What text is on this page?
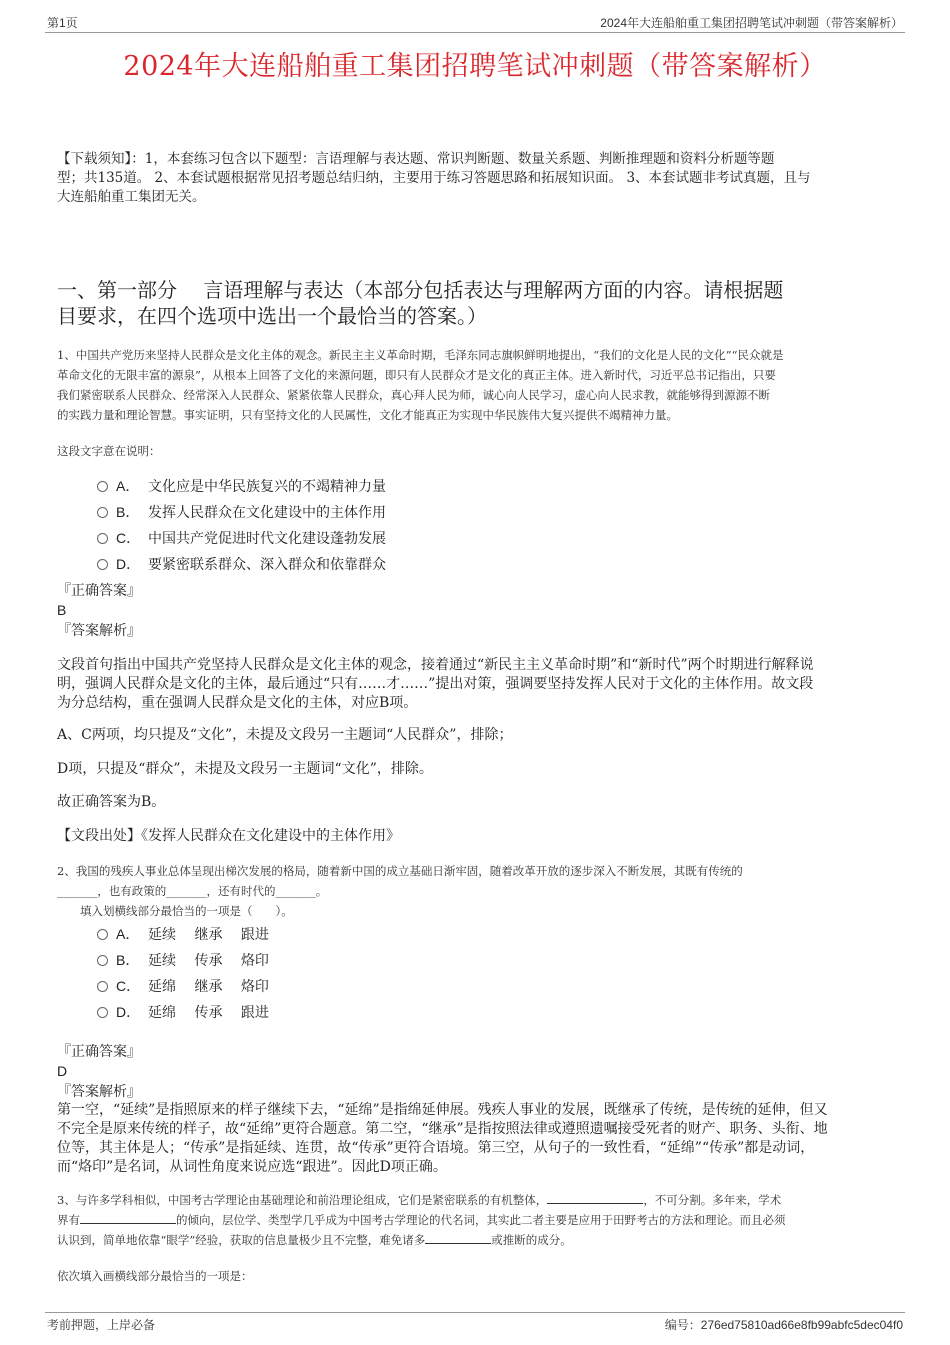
第1页	2024年大连船舶重工集团招聘笔试冲刺题（带答案解析）
2024年大连船舶重工集团招聘笔试冲刺题（带答案解析）
【下载须知】：1，本套练习包含以下题型：言语理解与表达题、常识判断题、数量关系题、判断推理题和资料分析题等题
型；共135道。 2、本套试题根据常见招考题总结归纳，主要用于练习答题思路和拓展知识面。 3、本套试题非考试真题，且与
大连船舶重工集团无关。
一、第一部分　 言语理解与表达（本部分包括表达与理解两方面的内容。请根据题
目要求，在四个选项中选出一个最恰当的答案。）
1、中国共产党历来坚持人民群众是文化主体的观念。新民主主义革命时期，毛泽东同志旗帜鲜明地提出，“我们的文化是人民的文化”“民众就是
革命文化的无限丰富的源泉”，从根本上回答了文化的来源问题，即只有人民群众才是文化的真正主体。进入新时代，习近平总书记指出，只要
我们紧密联系人民群众、经常深入人民群众、紧紧依靠人民群众，真心拜人民为师，诚心向人民学习，虚心向人民求教，就能够得到源源不断
的实践力量和理论智慧。事实证明，只有坚持文化的人民属性，文化才能真正为实现中华民族伟大复兴提供不竭精神力量。
这段文字意在说明：
A． 文化应是中华民族复兴的不竭精神力量
B． 发挥人民群众在文化建设中的主体作用
C． 中国共产党促进时代文化建设蓬勃发展
D． 要紧密联系群众、深入群众和依靠群众
『正确答案』
B
『答案解析』
文段首句指出中国共产党坚持人民群众是文化主体的观念，接着通过“新民主主义革命时期”和“新时代”两个时期进行解释说
明，强调人民群众是文化的主体，最后通过“只有……才……”提出对策，强调要坚持发挥人民对于文化的主体作用。故文段
为分总结构，重在强调人民群众是文化的主体，对应B项。
A、C两项，均只提及“文化”，未提及文段另一主题词“人民群众”，排除；
D项，只提及“群众”，未提及文段另一主题词“文化”，排除。
故正确答案为B。
【文段出处】《发挥人民群众在文化建设中的主体作用》
2、我国的残疾人事业总体呈现出梯次发展的格局，随着新中国的成立基础日渐牢固，随着改革开放的逐步深入不断发展，其既有传统的
_______，也有政策的_______，还有时代的_______。
填入划横线部分最恰当的一项是（　　）。
A． 延续　 继承　 跟进
B． 延续　 传承　 烙印
C． 延绵　 继承　 烙印
D． 延绵　 传承　 跟进
『正确答案』
D
『答案解析』
第一空，“延续”是指照原来的样子继续下去，“延绵”是指绵延伸展。残疾人事业的发展，既继承了传统，是传统的延伸，但又
不完全是原来传统的样子，故“延绵”更符合题意。第二空，“继承”是指按照法律或遵照遗嘱接受死者的财产、职务、头衔、地
位等，其主体是人；“传承”是指延续、连贯，故“传承”更符合语境。第三空，从句子的一致性看，“延绵”“传承”都是动词，
而“烙印”是名词，从词性角度来说应选“跟进”。因此D项正确。
3、与许多学科相似，中国考古学理论由基础理论和前沿理论组成，它们是紧密联系的有机整体，	，不可分割。多年来，学术
界有	的倾向，层位学、类型学几乎成为中国考古学理论的代名词，其实此二者主要是应用于田野考古的方法和理论。而且必须
认识到，简单地依靠“眼学”经验，获取的信息量极少且不完整，难免诸多	或推断的成分。
依次填入画横线部分最恰当的一项是：
考前押题，上岸必备	编号：276ed75810ad66e8fb99abfc5dec04f0
